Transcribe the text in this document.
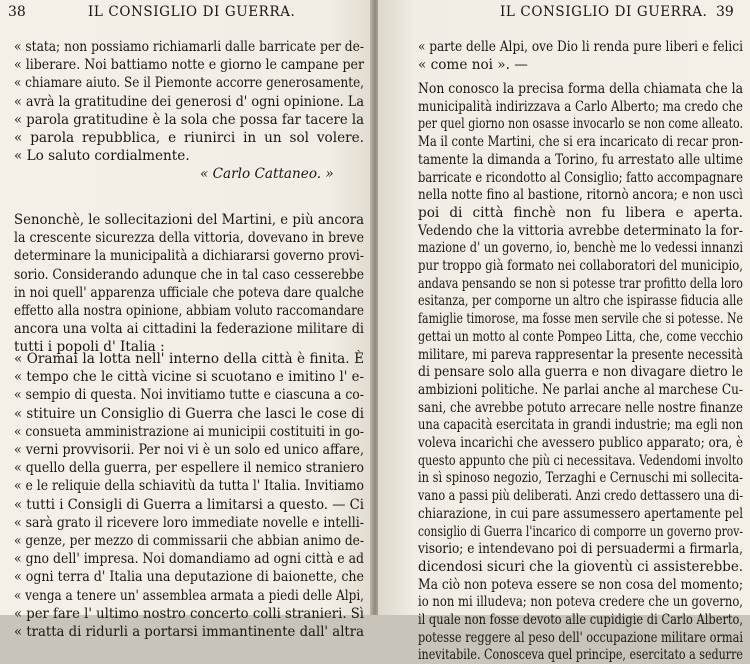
38	IL CONSIGLIO DI GUERRA.
« stata; non possiamo richiamarli dalle barricate per de-
« liberare. Noi battiamo notte e giorno le campane per
« chiamare aiuto. Se il Piemonte accorre generosamente,
« avrà la gratitudine dei generosi d' ogni opinione. La
« parola gratitudine è la sola che possa far tacere la
« parola repubblica, e riunirci in un sol volere.
« Lo saluto cordialmente.
Senonchè, le sollecitazioni del Martini, e più ancora
la crescente sicurezza della vittoria, dovevano in breve
determinare la municipalità a dichiararsi governo provi-
sorio. Considerando adunque che in tal caso cesserebbe
in noi quell' apparenza ufficiale che poteva dare qualche
effetto alla nostra opinione, abbiam voluto raccomandare
ancora una volta ai cittadini la federazione militare di
tutti i popoli d' Italia :
« Oramai la lotta nell' interno della città è finita. È
« tempo che le città vicine si scuotano e imitino l' e-
« sempio di questa. Noi invitiamo tutte e ciascuna a co-
« stituire un Consiglio di Guerra che lasci le cose di
« consueta amministrazione ai municipii costituiti in go-
« verni provvisorii. Per noi vi è un solo ed unico affare,
« quello della guerra, per espellere il nemico straniero
« e le reliquie della schiavitù da tutta l' Italia. Invitiamo
« tutti i Consigli di Guerra a limitarsi a questo. — Ci
« sarà grato il ricevere loro immediate novelle e intelli-
« genze, per mezzo di commissarii che abbian animo de-
« gno dell' impresa. Noi domandiamo ad ogni città e ad
« ogni terra d' Italia una deputazione di baionette, che
« venga a tenere un' assemblea armata a piedi delle Alpi,
« per fare l' ultimo nostro concerto colli stranieri. Sì
« tratta di ridurli a portarsi immantinente dall' altra
« Carlo Cattaneo. »
IL CONSIGLIO DI GUERRA. 39
« parte delle Alpi, ove Dio li renda pure liberi e felici
« come noi ». —
Non conosco la precisa forma della chiamata che la
municipalità indirizzava a Carlo Alberto; ma credo che
per quel giorno non osasse invocarlo se non come alleato.
Ma il conte Martini, che si era incaricato di recar pron-
tamente la dimanda a Torino, fu arrestato alle ultime
barricate e ricondotto al Consiglio; fatto accompagnare
nella notte fino al bastione, ritornò ancora; e non uscì
poi di città finchè non fu libera e aperta.
Vedendo che la vittoria avrebbe determinato la for-
mazione d' un governo, io, benchè me lo vedessi innanzi
pur troppo già formato nei collaboratori del municipio,
andava pensando se non si potesse trar profitto della loro
esitanza, per comporne un altro che ispirasse fiducia alle
famiglie timorose, ma fosse men servile che si potesse. Ne
gettai un motto al conte Pompeo Litta, che, come vecchio
militare, mi pareva rappresentar la presente necessità
di pensare solo alla guerra e non divagare dietro le
ambizioni politiche. Ne parlai anche al marchese Cu-
sani, che avrebbe potuto arrecare nelle nostre finanze
una capacità esercitata in grandi industrie; ma egli non
voleva incarichi che avessero publico apparato; ora, è
questo appunto che più ci necessitava. Vedendomi involto
in sì spinoso negozio, Terzaghi e Cernuschi mi sollecita-
vano a passi più deliberati. Anzi credo dettassero una di-
chiarazione, in cui pare assumessero apertamente pel
consiglio di Guerra l'incarico di comporre un governo prov-
visorio; e intendevano poi di persuadermi a firmarla,
dicendosi sicuri che la gioventù ci assisterebbe.
Ma ciò non poteva essere se non cosa del momento;
io non mi illudeva; non poteva credere che un governo,
il quale non fosse devoto alle cupidigie di Carlo Alberto,
potesse reggere al peso dell' occupazione militare ormai
inevitabile. Conosceva quel principe, esercitato a sedurre
